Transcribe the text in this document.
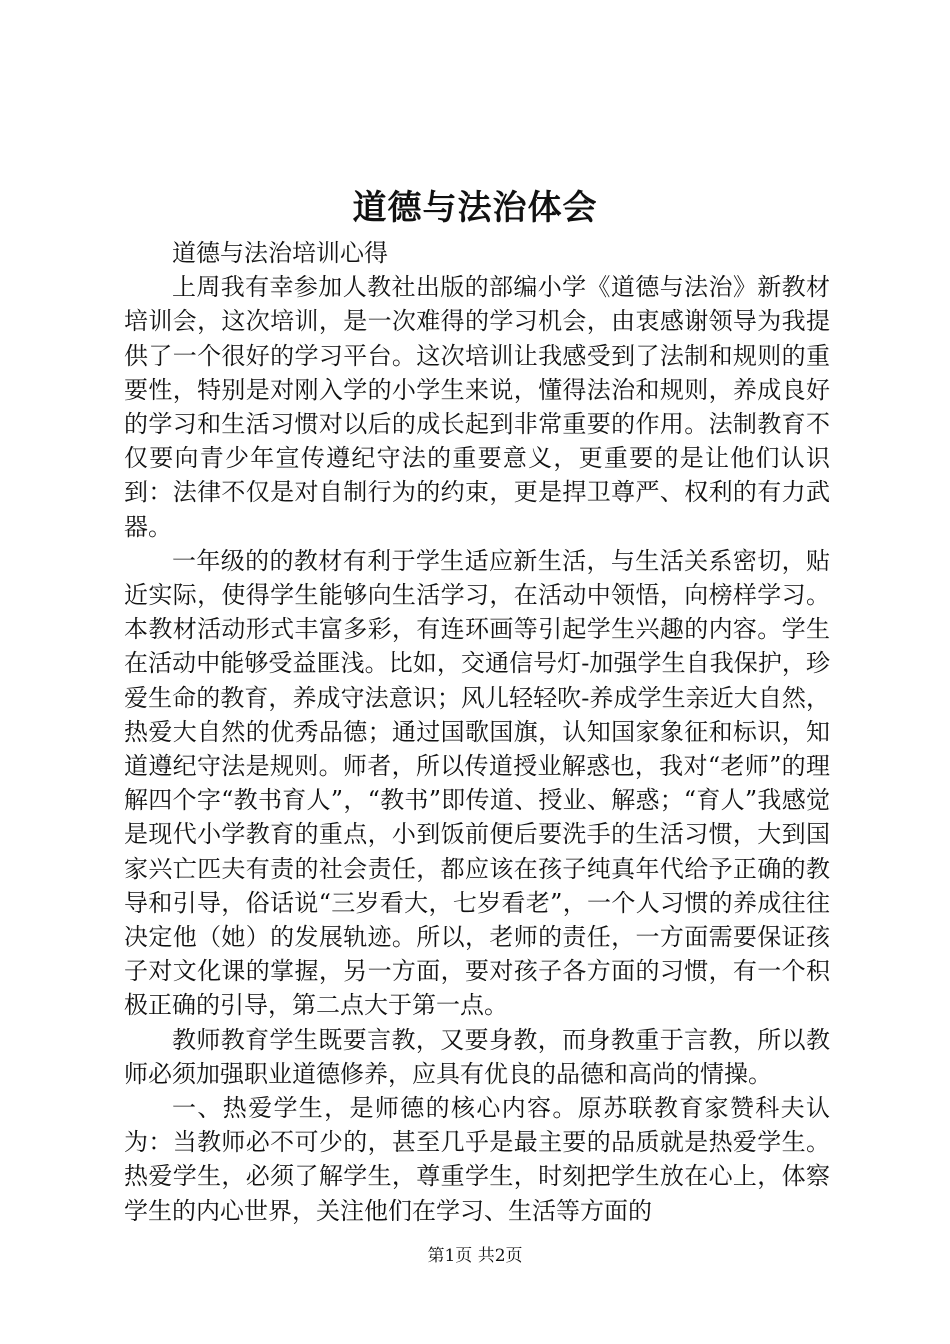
道德与法治体会

道德与法治培训心得

上周我有幸参加人教社出版的部编小学《道德与法治》新教材培训会，这次培训，是一次难得的学习机会，由衷感谢领导为我提供了一个很好的学习平台。这次培训让我感受到了法制和规则的重要性，特别是对刚入学的小学生来说，懂得法治和规则，养成良好的学习和生活习惯对以后的成长起到非常重要的作用。法制教育不仅要向青少年宣传遵纪守法的重要意义，更重要的是让他们认识到：法律不仅是对自制行为的约束，更是捍卫尊严、权利的有力武器。

一年级的的教材有利于学生适应新生活，与生活关系密切，贴近实际，使得学生能够向生活学习，在活动中领悟，向榜样学习。本教材活动形式丰富多彩，有连环画等引起学生兴趣的内容。学生在活动中能够受益匪浅。比如，交通信号灯-加强学生自我保护，珍爱生命的教育，养成守法意识；风儿轻轻吹-养成学生亲近大自然，热爱大自然的优秀品德；通过国歌国旗，认知国家象征和标识，知道遵纪守法是规则。师者，所以传道授业解惑也，我对“老师”的理解四个字“教书育人”，“教书”即传道、授业、解惑；“育人”我感觉是现代小学教育的重点，小到饭前便后要洗手的生活习惯，大到国家兴亡匹夫有责的社会责任，都应该在孩子纯真年代给予正确的教导和引导，俗话说“三岁看大，七岁看老”，一个人习惯的养成往往决定他（她）的发展轨迹。所以，老师的责任，一方面需要保证孩子对文化课的掌握，另一方面，要对孩子各方面的习惯，有一个积极正确的引导，第二点大于第一点。

教师教育学生既要言教，又要身教，而身教重于言教，所以教师必须加强职业道德修养，应具有优良的品德和高尚的情操。

一、热爱学生，是师德的核心内容。原苏联教育家赞科夫认为：当教师必不可少的，甚至几乎是最主要的品质就是热爱学生。热爱学生，必须了解学生，尊重学生，时刻把学生放在心上，体察学生的内心世界，关注他们在学习、生活等方面的

第1页 共2页
